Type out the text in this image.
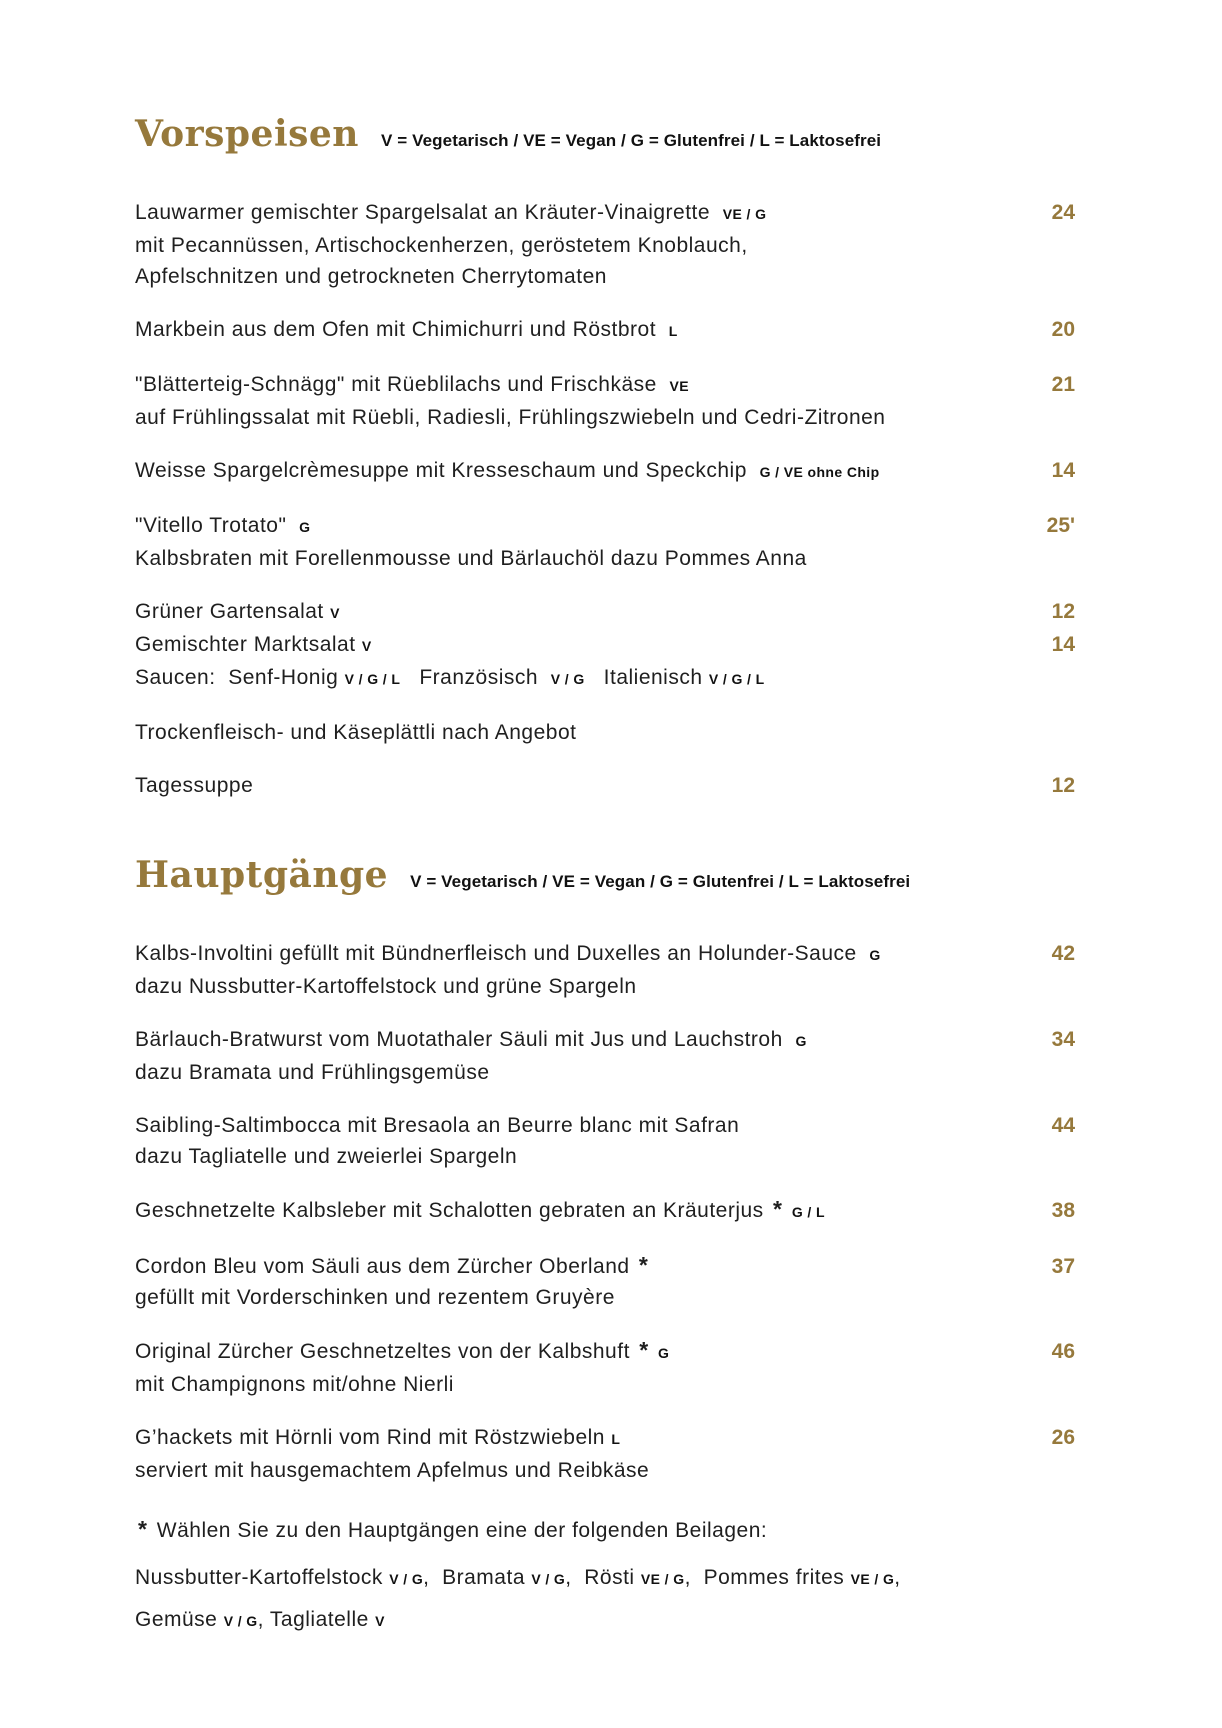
Vorspeisen V = Vegetarisch / VE = Vegan / G = Glutenfrei / L = Laktosefrei
Lauwarmer gemischter Spargelsalat an Kräuter-Vinaigrette  VE / G	24
mit Pecannüssen, Artischockenherzen, geröstetem Knoblauch,
Apfelschnitzen und getrockneten Cherrytomaten
Markbein aus dem Ofen mit Chimichurri und Röstbrot  L	20
"Blätterteig-Schnägg" mit Rüeblilachs und Frischkäse  VE	21
auf Frühlingssalat mit Rüebli, Radiesli, Frühlingszwiebeln und Cedri-Zitronen
Weisse Spargelcrèmesuppe mit Kresseschaum und Speckchip  G / VE ohne Chip	14
"Vitello Trotato"  G	25'
Kalbsbraten mit Forellenmousse und Bärlauchöl dazu Pommes Anna
Grüner Gartensalat V	12
Gemischter Marktsalat V	14
Saucen:  Senf-Honig V / G / L   Französisch  V / G   Italienisch V / G / L
Trockenfleisch- und Käseplättli nach Angebot
Tagessuppe	12
Hauptgänge V = Vegetarisch / VE = Vegan / G = Glutenfrei / L = Laktosefrei
Kalbs-Involtini gefüllt mit Bündnerfleisch und Duxelles an Holunder-Sauce  G	42
dazu Nussbutter-Kartoffelstock und grüne Spargeln
Bärlauch-Bratwurst vom Muotathaler Säuli mit Jus und Lauchstroh  G	34
dazu Bramata und Frühlingsgemüse
Saibling-Saltimbocca mit Bresaola an Beurre blanc mit Safran	44
dazu Tagliatelle und zweierlei Spargeln
Geschnetzelte Kalbsleber mit Schalotten gebraten an Kräuterjus * G / L	38
Cordon Bleu vom Säuli aus dem Zürcher Oberland *	37
gefüllt mit Vorderschinken und rezentem Gruyère
Original Zürcher Geschnetzeltes von der Kalbshuft * G	46
mit Champignons mit/ohne Nierli
G’hackets mit Hörnli vom Rind mit Röstzwiebeln L	26
serviert mit hausgemachtem Apfelmus und Reibkäse
* Wählen Sie zu den Hauptgängen eine der folgenden Beilagen:
Nussbutter-Kartoffelstock V / G,  Bramata V / G,  Rösti VE / G,  Pommes frites VE / G,
Gemüse V / G, Tagliatelle V
